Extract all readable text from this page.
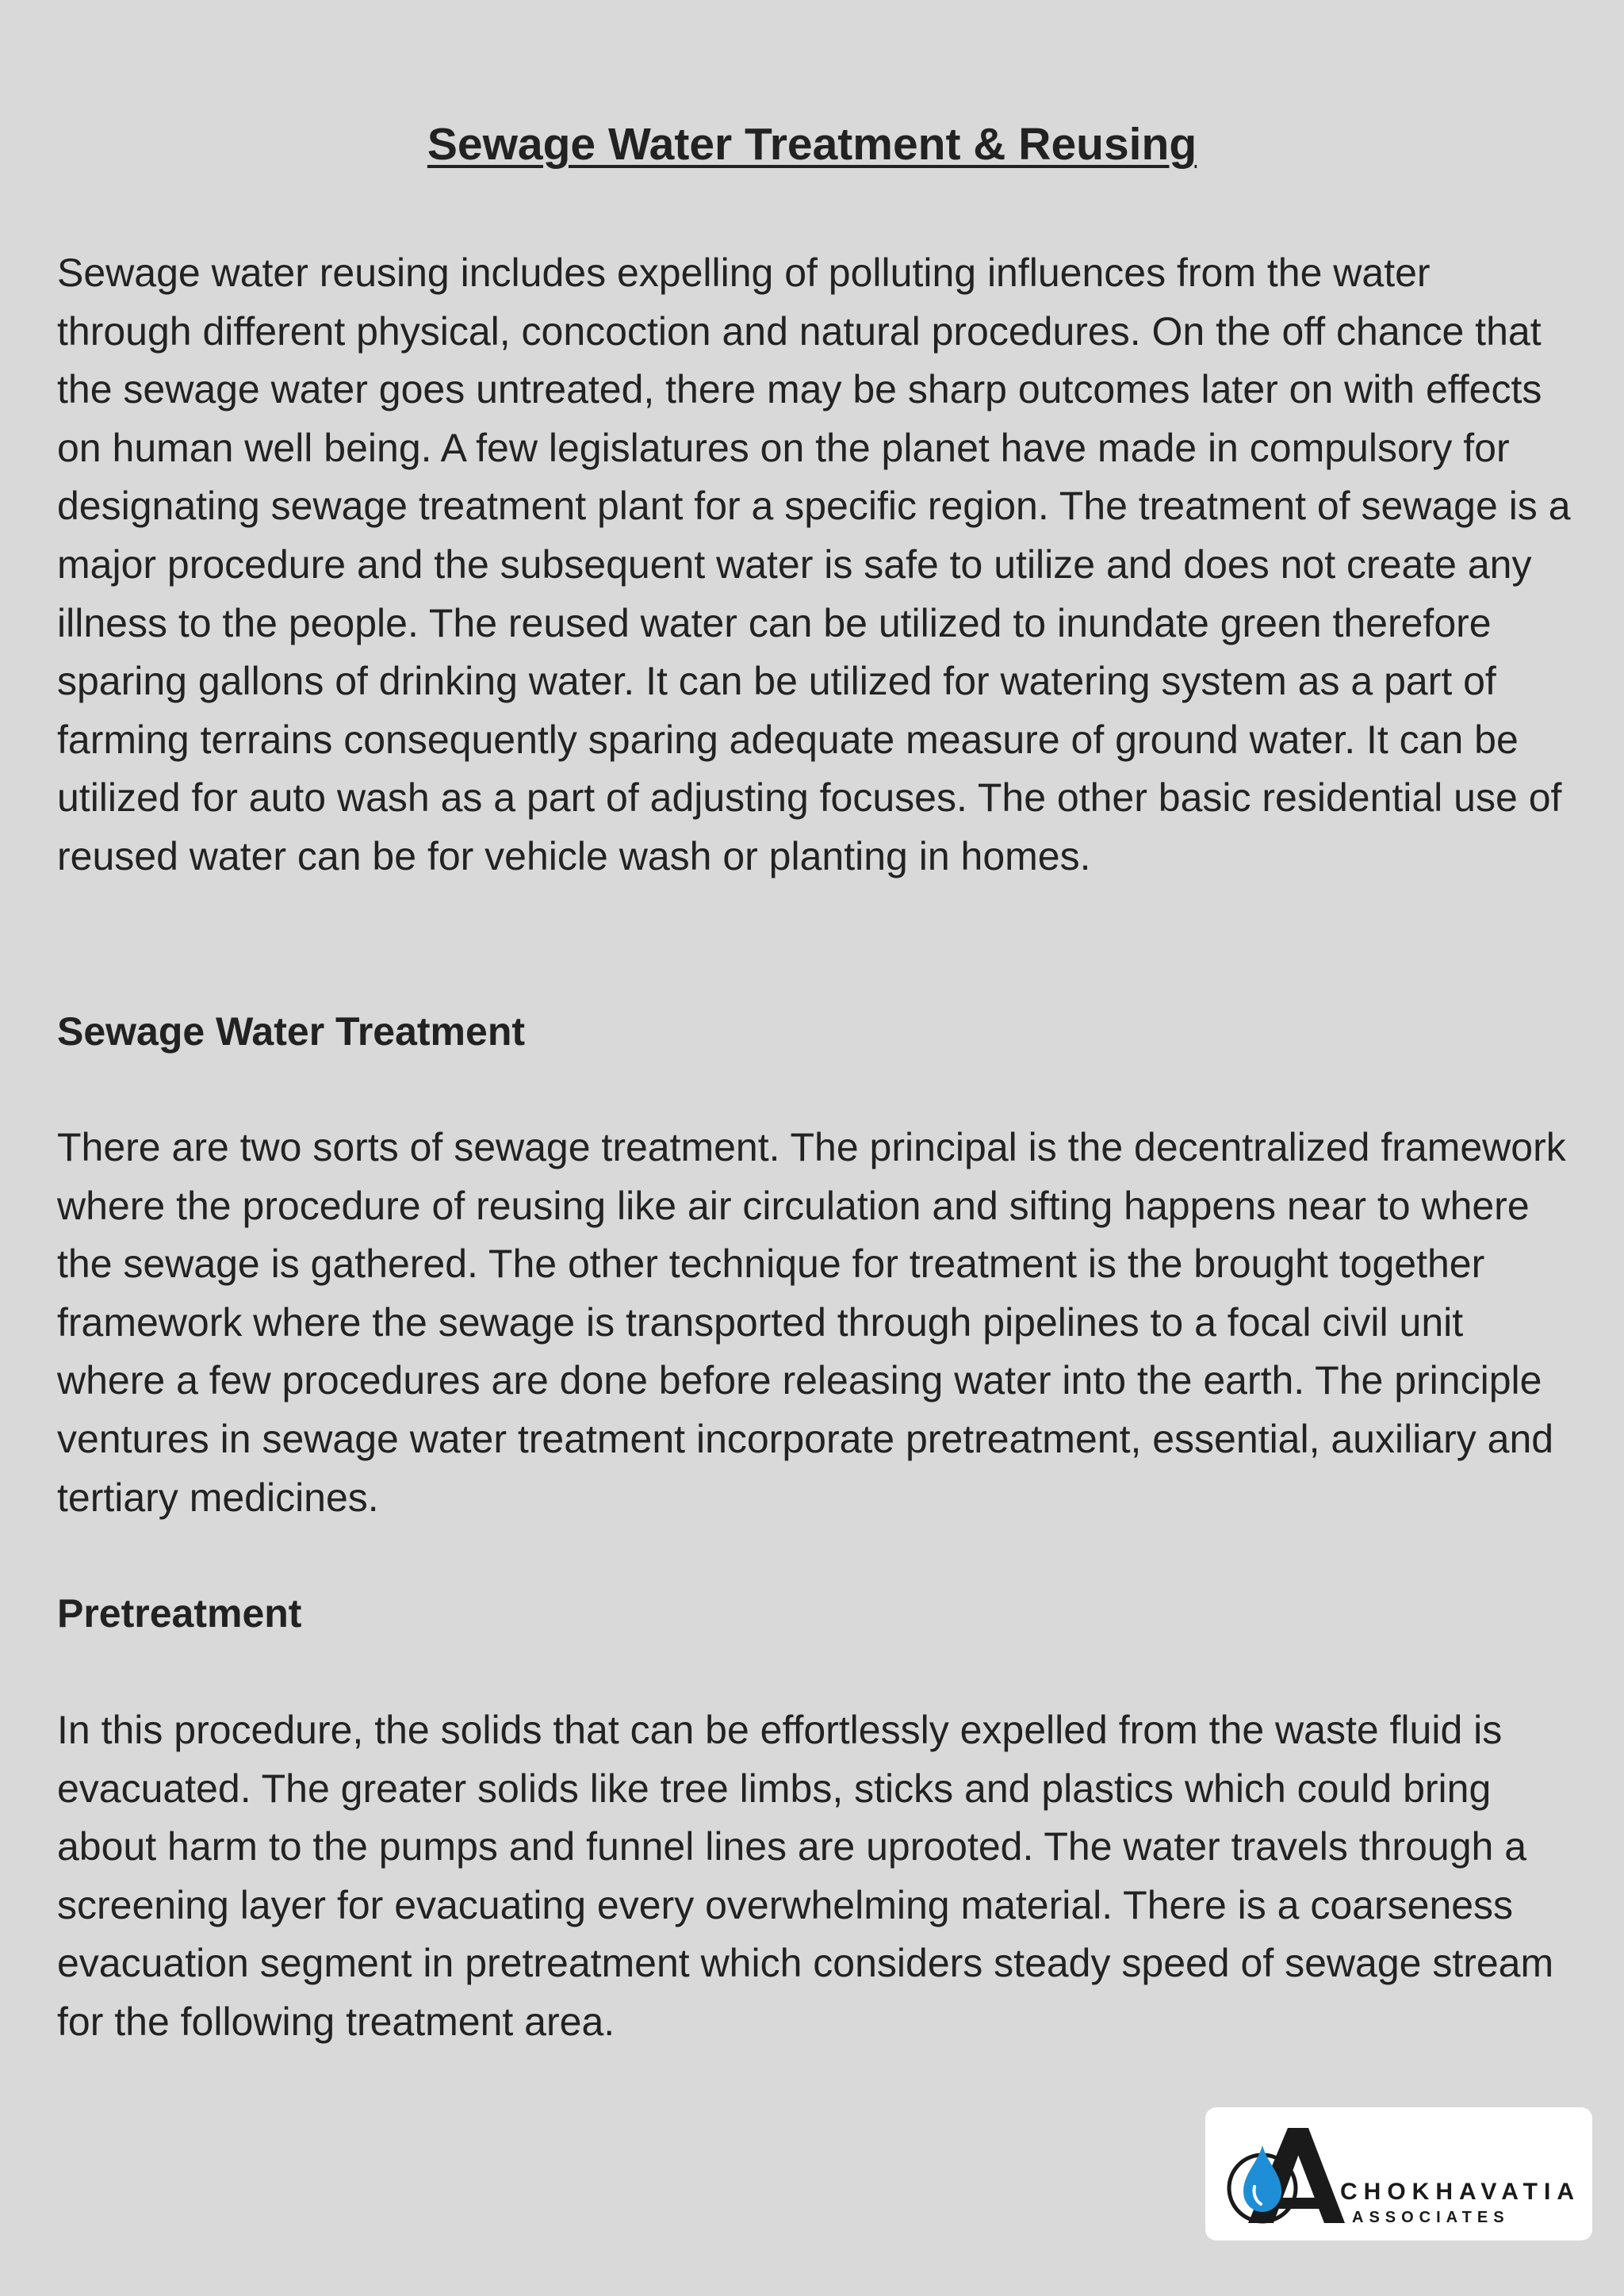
Sewage Water Treatment & Reusing

Sewage water reusing includes expelling of polluting influences from the water through different physical, concoction and natural procedures. On the off chance that the sewage water goes untreated, there may be sharp outcomes later on with effects on human well being. A few legislatures on the planet have made in compulsory for designating sewage treatment plant for a specific region. The treatment of sewage is a major procedure and the subsequent water is safe to utilize and does not create any illness to the people. The reused water can be utilized to inundate green therefore sparing gallons of drinking water. It can be utilized for watering system as a part of farming terrains consequently sparing adequate measure of ground water. It can be utilized for auto wash as a part of adjusting focuses. The other basic residential use of reused water can be for vehicle wash or planting in homes.

Sewage Water Treatment

There are two sorts of sewage treatment. The principal is the decentralized framework where the procedure of reusing like air circulation and sifting happens near to where the sewage is gathered. The other technique for treatment is the brought together framework where the sewage is transported through pipelines to a focal civil unit where a few procedures are done before releasing water into the earth. The principle ventures in sewage water treatment incorporate pretreatment, essential, auxiliary and tertiary medicines.

Pretreatment

In this procedure, the solids that can be effortlessly expelled from the waste fluid is evacuated. The greater solids like tree limbs, sticks and plastics which could bring about harm to the pumps and funnel lines are uprooted. The water travels through a screening layer for evacuating every overwhelming material. There is a coarseness evacuation segment in pretreatment which considers steady speed of sewage stream for the following treatment area.

CHOKHAVATIA
ASSOCIATES
